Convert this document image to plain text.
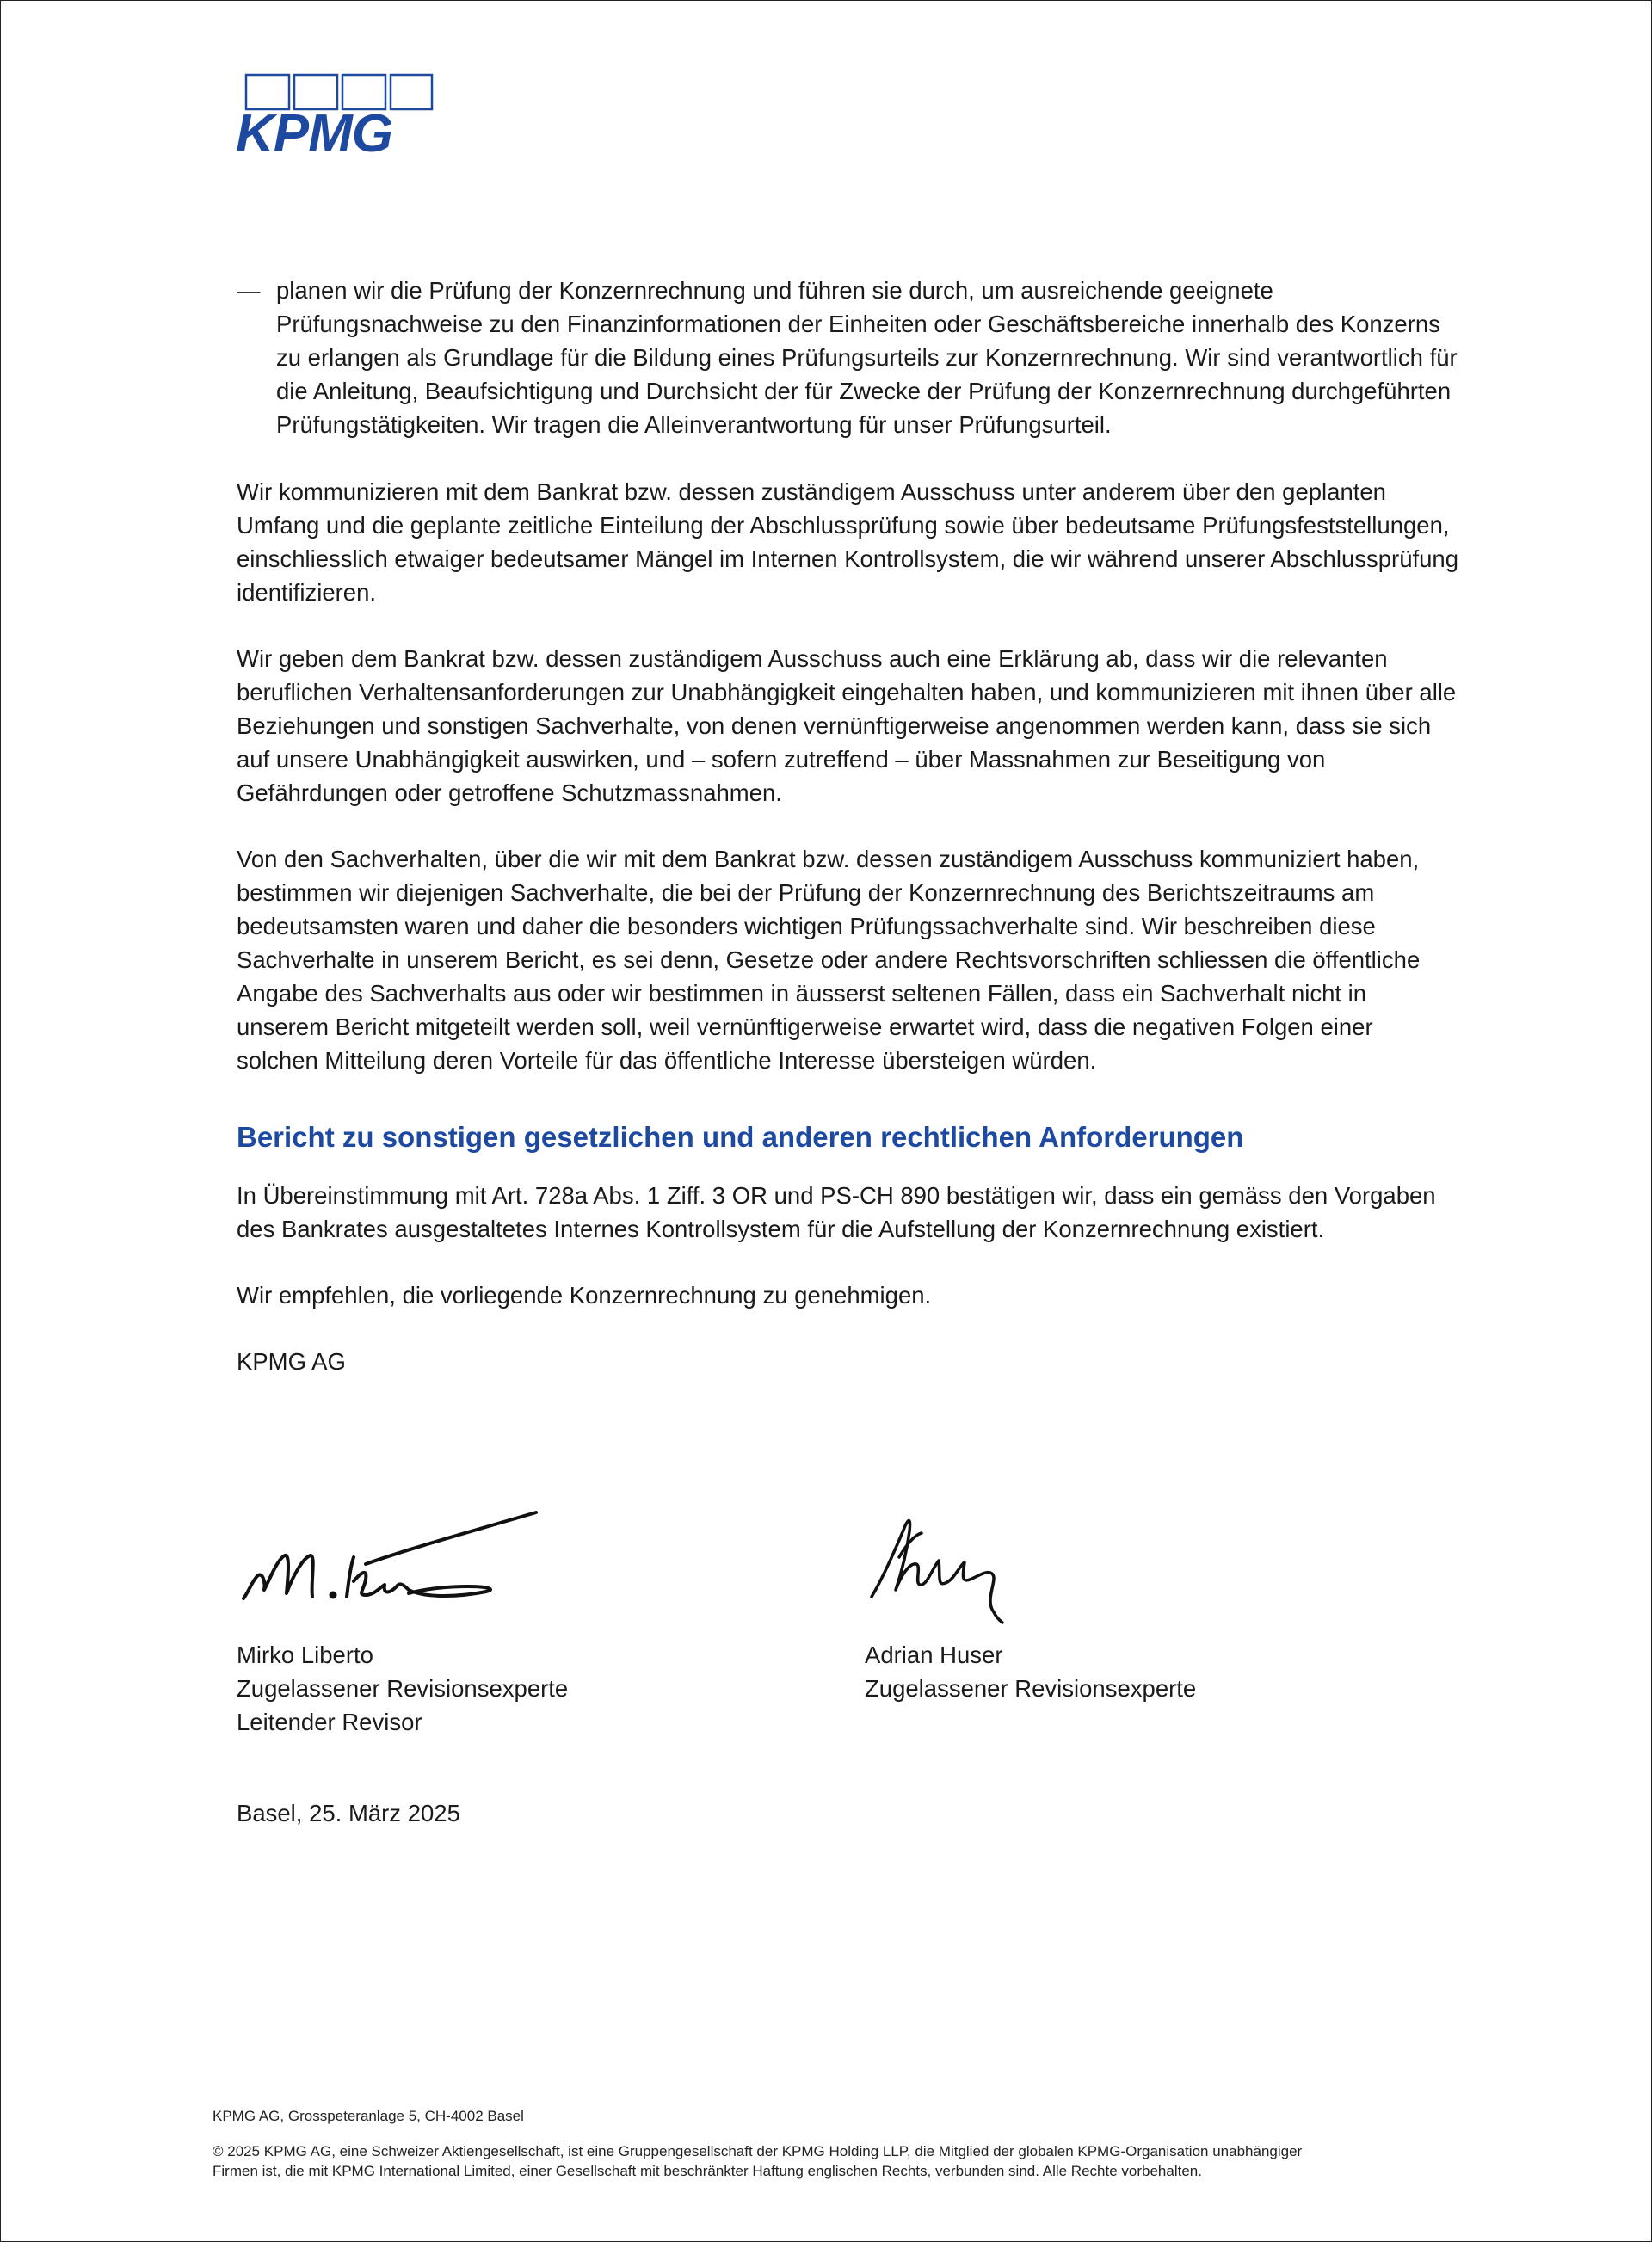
KPMG
— planen wir die Prüfung der Konzernrechnung und führen sie durch, um ausreichende geeignete Prüfungsnachweise zu den Finanzinformationen der Einheiten oder Geschäftsbereiche innerhalb des Konzerns zu erlangen als Grundlage für die Bildung eines Prüfungsurteils zur Konzernrechnung. Wir sind verantwortlich für die Anleitung, Beaufsichtigung und Durchsicht der für Zwecke der Prüfung der Konzernrechnung durchgeführten Prüfungstätigkeiten. Wir tragen die Alleinverantwortung für unser Prüfungsurteil.

Wir kommunizieren mit dem Bankrat bzw. dessen zuständigem Ausschuss unter anderem über den geplanten Umfang und die geplante zeitliche Einteilung der Abschlussprüfung sowie über bedeutsame Prüfungsfeststellungen, einschliesslich etwaiger bedeutsamer Mängel im Internen Kontrollsystem, die wir während unserer Abschlussprüfung identifizieren.

Wir geben dem Bankrat bzw. dessen zuständigem Ausschuss auch eine Erklärung ab, dass wir die relevanten beruflichen Verhaltensanforderungen zur Unabhängigkeit eingehalten haben, und kommunizieren mit ihnen über alle Beziehungen und sonstigen Sachverhalte, von denen vernünftigerweise angenommen werden kann, dass sie sich auf unsere Unabhängigkeit auswirken, und – sofern zutreffend – über Massnahmen zur Beseitigung von Gefährdungen oder getroffene Schutzmassnahmen.

Von den Sachverhalten, über die wir mit dem Bankrat bzw. dessen zuständigem Ausschuss kommuniziert haben, bestimmen wir diejenigen Sachverhalte, die bei der Prüfung der Konzernrechnung des Berichtszeitraums am bedeutsamsten waren und daher die besonders wichtigen Prüfungssachverhalte sind. Wir beschreiben diese Sachverhalte in unserem Bericht, es sei denn, Gesetze oder andere Rechtsvorschriften schliessen die öffentliche Angabe des Sachverhalts aus oder wir bestimmen in äusserst seltenen Fällen, dass ein Sachverhalt nicht in unserem Bericht mitgeteilt werden soll, weil vernünftigerweise erwartet wird, dass die negativen Folgen einer solchen Mitteilung deren Vorteile für das öffentliche Interesse übersteigen würden.

Bericht zu sonstigen gesetzlichen und anderen rechtlichen Anforderungen

In Übereinstimmung mit Art. 728a Abs. 1 Ziff. 3 OR und PS-CH 890 bestätigen wir, dass ein gemäss den Vorgaben des Bankrates ausgestaltetes Internes Kontrollsystem für die Aufstellung der Konzernrechnung existiert.

Wir empfehlen, die vorliegende Konzernrechnung zu genehmigen.

KPMG AG

Mirko Liberto
Zugelassener Revisionsexperte
Leitender Revisor
Adrian Huser
Zugelassener Revisionsexperte
Basel, 25. März 2025
KPMG AG, Grosspeteranlage 5, CH-4002 Basel
© 2025 KPMG AG, eine Schweizer Aktiengesellschaft, ist eine Gruppengesellschaft der KPMG Holding LLP, die Mitglied der globalen KPMG-Organisation unabhängiger
Firmen ist, die mit KPMG International Limited, einer Gesellschaft mit beschränkter Haftung englischen Rechts, verbunden sind. Alle Rechte vorbehalten.
